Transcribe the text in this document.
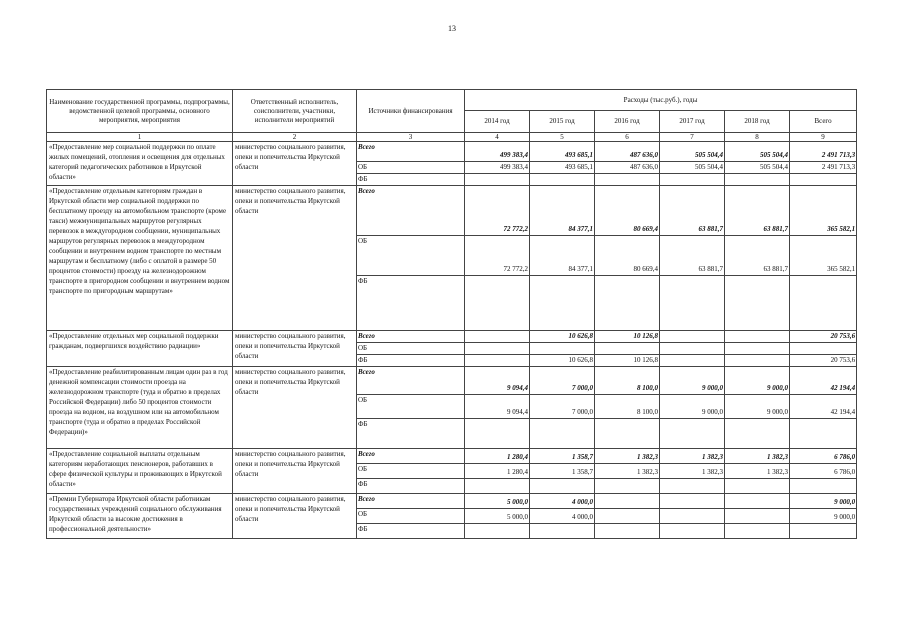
13
Наименование государственной программы, подпрограммы, ведомственной целевой программы, основного мероприятия, мероприятия	Ответственный исполнитель, соисполнители, участники, исполнители мероприятий	Источники финансирования	Расходы (тыс.руб.), годы					
			2014 год	2015 год	2016 год	2017 год	2018 год	Всего
1	2	3	4	5	6	7	8	9
«Предоставление мер социальной поддержки по оплате жилых помещений, отопления и освещения для отдельных категорий педагогических работников в Иркутской области»	министерство социального развития, опеки и попечительства Иркутской области	Всего	499 383,4	493 685,1	487 636,0	505 504,4	505 504,4	2 491 713,3
		ОБ	499 383,4	493 685,1	487 636,0	505 504,4	505 504,4	2 491 713,3
		ФБ						
«Предоставление отдельным категориям граждан в Иркутской области мер социальной поддержки по бесплатному проезду на автомобильном транспорте (кроме такси) межмуниципальных маршрутов регулярных перевозок в междугородном сообщении, муниципальных маршрутов регулярных перевозок в междугородном сообщении и внутреннем водном транспорте по местным маршрутам и бесплатному (либо с оплатой в размере 50 процентов стоимости) проезду на железнодорожном транспорте в пригородном сообщении и внутреннем водном транспорте по пригородным маршрутам»	министерство социального развития, опеки и попечительства Иркутской области	Всего	72 772,2	84 377,1	80 669,4	63 881,7	63 881,7	365 582,1
		ОБ	72 772,2	84 377,1	80 669,4	63 881,7	63 881,7	365 582,1
		ФБ						
«Предоставление отдельных мер социальной поддержки гражданам, подвергшихся воздействию радиации»	министерство социального развития, опеки и попечительства Иркутской области	Всего		10 626,8	10 126,8			20 753,6
		ОБ						
		ФБ		10 626,8	10 126,8			20 753,6
«Предоставление реабилитированным лицам один раз в год денежной компенсации стоимости проезда на железнодорожном транспорте (туда и обратно в пределах Российской Федерации) либо 50 процентов стоимости проезда на водном, на воздушном или на автомобильном транспорте (туда и обратно в пределах Российской Федерации)»	министерство социального развития, опеки и попечительства Иркутской области	Всего	9 094,4	7 000,0	8 100,0	9 000,0	9 000,0	42 194,4
		ОБ	9 094,4	7 000,0	8 100,0	9 000,0	9 000,0	42 194,4
		ФБ						
«Предоставление социальной выплаты отдельным категориям неработающих пенсионеров, работавших в сфере физической культуры и проживающих в Иркутской области»	министерство социального развития, опеки и попечительства Иркутской области	Всего	1 280,4	1 358,7	1 382,3	1 382,3	1 382,3	6 786,0
		ОБ	1 280,4	1 358,7	1 382,3	1 382,3	1 382,3	6 786,0
		ФБ						
«Премии Губернатора Иркутской области работникам государственных учреждений социального обслуживания Иркутской области за высокие достижения в профессиональной деятельности»	министерство социального развития, опеки и попечительства Иркутской области	Всего	5 000,0	4 000,0				9 000,0
		ОБ	5 000,0	4 000,0				9 000,0
		ФБ						
